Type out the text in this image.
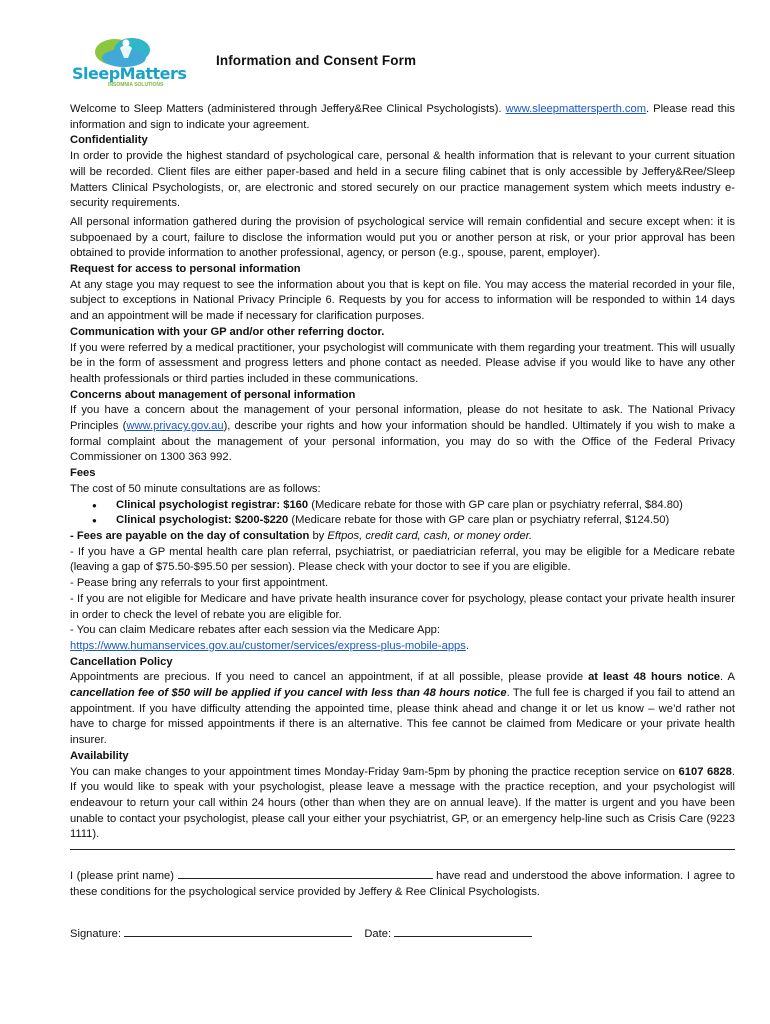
SleepMatters
INSOMNIA SOLUTIONS
Information and Consent Form

Welcome to Sleep Matters (administered through Jeffery&Ree Clinical Psychologists). www.sleepmattersperth.com. Please read this information and sign to indicate your agreement.

Confidentiality

In order to provide the highest standard of psychological care, personal & health information that is relevant to your current situation will be recorded. Client files are either paper-based and held in a secure filing cabinet that is only accessible by Jeffery&Ree/Sleep Matters Clinical Psychologists, or, are electronic and stored securely on our practice management system which meets industry e-security requirements.

All personal information gathered during the provision of psychological service will remain confidential and secure except when: it is subpoenaed by a court, failure to disclose the information would put you or another person at risk, or your prior approval has been obtained to provide information to another professional, agency, or person (e.g., spouse, parent, employer).

Request for access to personal information

At any stage you may request to see the information about you that is kept on file. You may access the material recorded in your file, subject to exceptions in National Privacy Principle 6. Requests by you for access to information will be responded to within 14 days and an appointment will be made if necessary for clarification purposes.

Communication with your GP and/or other referring doctor.

If you were referred by a medical practitioner, your psychologist will communicate with them regarding your treatment. This will usually be in the form of assessment and progress letters and phone contact as needed. Please advise if you would like to have any other health professionals or third parties included in these communications.

Concerns about management of personal information

If you have a concern about the management of your personal information, please do not hesitate to ask. The National Privacy Principles (www.privacy.gov.au), describe your rights and how your information should be handled. Ultimately if you wish to make a formal complaint about the management of your personal information, you may do so with the Office of the Federal Privacy Commissioner on 1300 363 992.

Fees

The cost of 50 minute consultations are as follows:

● Clinical psychologist registrar: $160 (Medicare rebate for those with GP care plan or psychiatry referral, $84.80)
● Clinical psychologist: $200-$220 (Medicare rebate for those with GP care plan or psychiatry referral, $124.50)

- Fees are payable on the day of consultation by Eftpos, credit card, cash, or money order.

- If you have a GP mental health care plan referral, psychiatrist, or paediatrician referral, you may be eligible for a Medicare rebate (leaving a gap of $75.50-$95.50 per session). Please check with your doctor to see if you are eligible.

- Pease bring any referrals to your first appointment.

- If you are not eligible for Medicare and have private health insurance cover for psychology, please contact your private health insurer in order to check the level of rebate you are eligible for.

- You can claim Medicare rebates after each session via the Medicare App:

https://www.humanservices.gov.au/customer/services/express-plus-mobile-apps.

Cancellation Policy

Appointments are precious. If you need to cancel an appointment, if at all possible, please provide at least 48 hours notice. A cancellation fee of $50 will be applied if you cancel with less than 48 hours notice. The full fee is charged if you fail to attend an appointment. If you have difficulty attending the appointed time, please think ahead and change it or let us know – we’d rather not have to charge for missed appointments if there is an alternative. This fee cannot be claimed from Medicare or your private health insurer.

Availability

You can make changes to your appointment times Monday-Friday 9am-5pm by phoning the practice reception service on 6107 6828. If you would like to speak with your psychologist, please leave a message with the practice reception, and your psychologist will endeavour to return your call within 24 hours (other than when they are on annual leave). If the matter is urgent and you have been unable to contact your psychologist, please call your either your psychiatrist, GP, or an emergency help-line such as Crisis Care (9223 1111).

I (please print name)	have read and understood the above information. I agree to these conditions for the psychological service provided by Jeffery & Ree Clinical Psychologists.

Signature:	Date:
